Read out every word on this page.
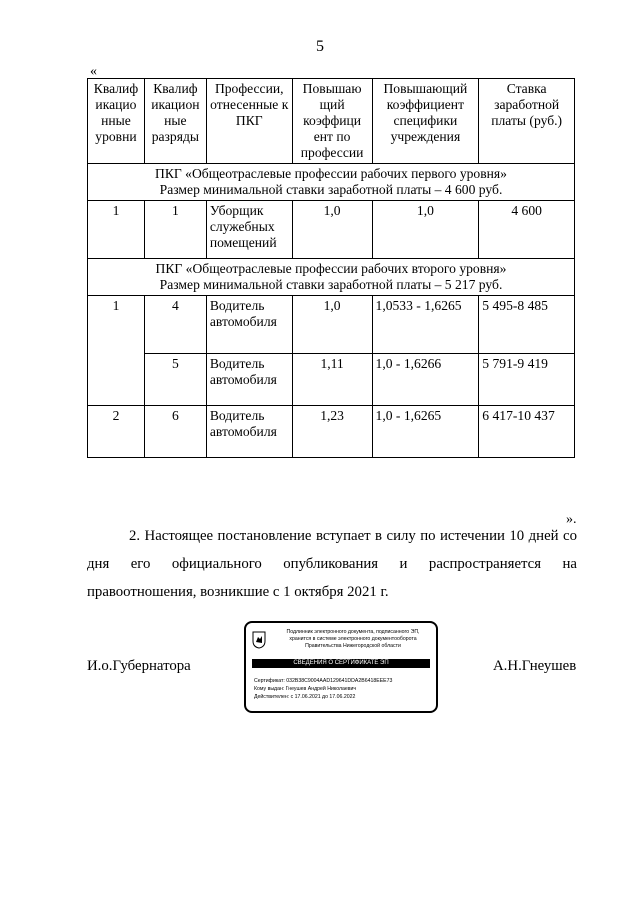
5
«
Квалиф икацио нные уровни	Квалиф икацион ные разряды	Профессии, отнесенные к ПКГ	Повышаю щий коэффици ент по профессии	Повышающий коэффициент специфики учреждения	Ставка заработной платы (руб.)

ПКГ «Общеотраслевые профессии рабочих первого уровня»
Размер минимальной ставки заработной платы – 4 600 руб.					

1	1	Уборщик служебных помещений	1,0	1,0	4 600

ПКГ «Общеотраслевые профессии рабочих второго уровня»
Размер минимальной ставки заработной платы – 5 217 руб.					

1	4	Водитель автомобиля	1,0	1,0533 - 1,6265	5 495-8 485
	5	Водитель автомобиля	1,11	1,0 - 1,6266	5 791-9 419
2	6	Водитель автомобиля	1,23	1,0 - 1,6265	6 417-10 437
».
2. Настоящее постановление вступает в силу по истечении 10 дней со дня его официального опубликования и распространяется на правоотношения, возникшие с 1 октября 2021 г.
И.о.Губернатора
Подлинник электронного документа, подписанного ЭП,
хранится в системе электронного документооборота
Правительства Нижегородской области
СВЕДЕНИЯ О СЕРТИФИКАТЕ ЭП
Сертификат: 032B38C9004AAD129641DDA2B6418EEE73
Кому выдан: Гнеушев Андрей Николаевич
Действителен: с 17.06.2021 до 17.06.2022
А.Н.Гнеушев
